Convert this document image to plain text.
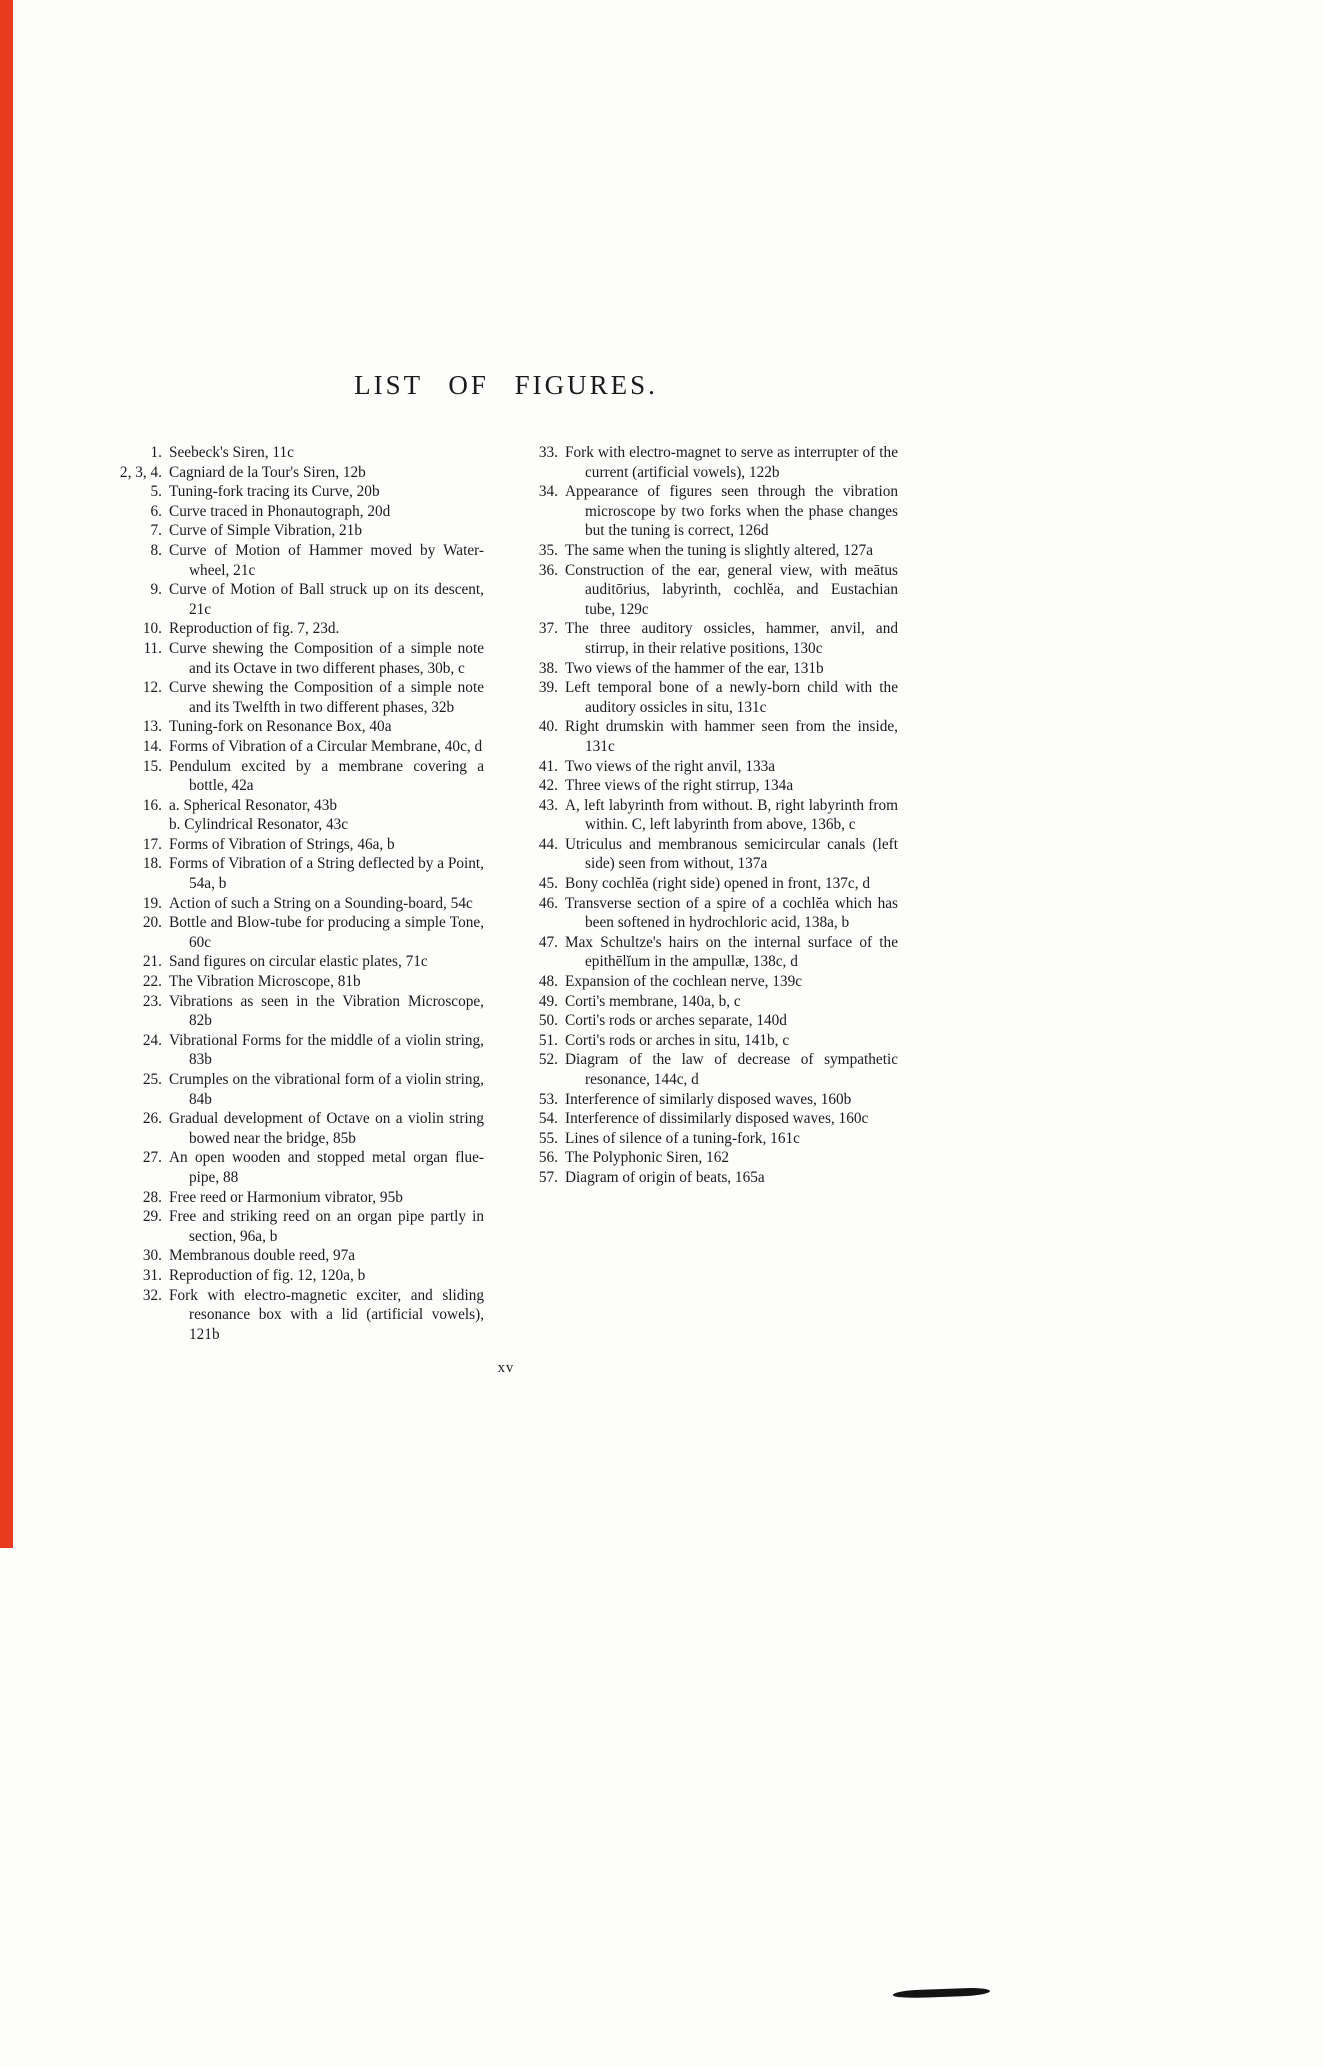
LIST OF FIGURES.
1. Seebeck's Siren, 11c
2, 3, 4. Cagniard de la Tour's Siren, 12b
5. Tuning-fork tracing its Curve, 20b
6. Curve traced in Phonautograph, 20d
7. Curve of Simple Vibration, 21b
8. Curve of Motion of Hammer moved by Water-wheel, 21c
9. Curve of Motion of Ball struck up on its descent, 21c
10. Reproduction of fig. 7, 23d.
11. Curve shewing the Composition of a simple note and its Octave in two different phases, 30b, c
12. Curve shewing the Composition of a simple note and its Twelfth in two different phases, 32b
13. Tuning-fork on Resonance Box, 40a
14. Forms of Vibration of a Circular Membrane, 40c, d
15. Pendulum excited by a membrane covering a bottle, 42a
16. a. Spherical Resonator, 43b
b. Cylindrical Resonator, 43c
17. Forms of Vibration of Strings, 46a, b
18. Forms of Vibration of a String deflected by a Point, 54a, b
19. Action of such a String on a Sounding-board, 54c
20. Bottle and Blow-tube for producing a simple Tone, 60c
21. Sand figures on circular elastic plates, 71c
22. The Vibration Microscope, 81b
23. Vibrations as seen in the Vibration Microscope, 82b
24. Vibrational Forms for the middle of a violin string, 83b
25. Crumples on the vibrational form of a violin string, 84b
26. Gradual development of Octave on a violin string bowed near the bridge, 85b
27. An open wooden and stopped metal organ flue-pipe, 88
28. Free reed or Harmonium vibrator, 95b
29. Free and striking reed on an organ pipe partly in section, 96a, b
30. Membranous double reed, 97a
31. Reproduction of fig. 12, 120a, b
32. Fork with electro-magnetic exciter, and sliding resonance box with a lid (artificial vowels), 121b
33. Fork with electro-magnet to serve as interrupter of the current (artificial vowels), 122b
34. Appearance of figures seen through the vibration microscope by two forks when the phase changes but the tuning is correct, 126d
35. The same when the tuning is slightly altered, 127a
36. Construction of the ear, general view, with meātus auditōrius, labyrinth, cochlĕa, and Eustachian tube, 129c
37. The three auditory ossicles, hammer, anvil, and stirrup, in their relative positions, 130c
38. Two views of the hammer of the ear, 131b
39. Left temporal bone of a newly-born child with the auditory ossicles in situ, 131c
40. Right drumskin with hammer seen from the inside, 131c
41. Two views of the right anvil, 133a
42. Three views of the right stirrup, 134a
43. A, left labyrinth from without. B, right labyrinth from within. C, left labyrinth from above, 136b, c
44. Utriculus and membranous semicircular canals (left side) seen from without, 137a
45. Bony cochlĕa (right side) opened in front, 137c, d
46. Transverse section of a spire of a cochlĕa which has been softened in hydrochloric acid, 138a, b
47. Max Schultze's hairs on the internal surface of the epithēlĭum in the ampullæ, 138c, d
48. Expansion of the cochlean nerve, 139c
49. Corti's membrane, 140a, b, c
50. Corti's rods or arches separate, 140d
51. Corti's rods or arches in situ, 141b, c
52. Diagram of the law of decrease of sympathetic resonance, 144c, d
53. Interference of similarly disposed waves, 160b
54. Interference of dissimilarly disposed waves, 160c
55. Lines of silence of a tuning-fork, 161c
56. The Polyphonic Siren, 162
57. Diagram of origin of beats, 165a
xv
